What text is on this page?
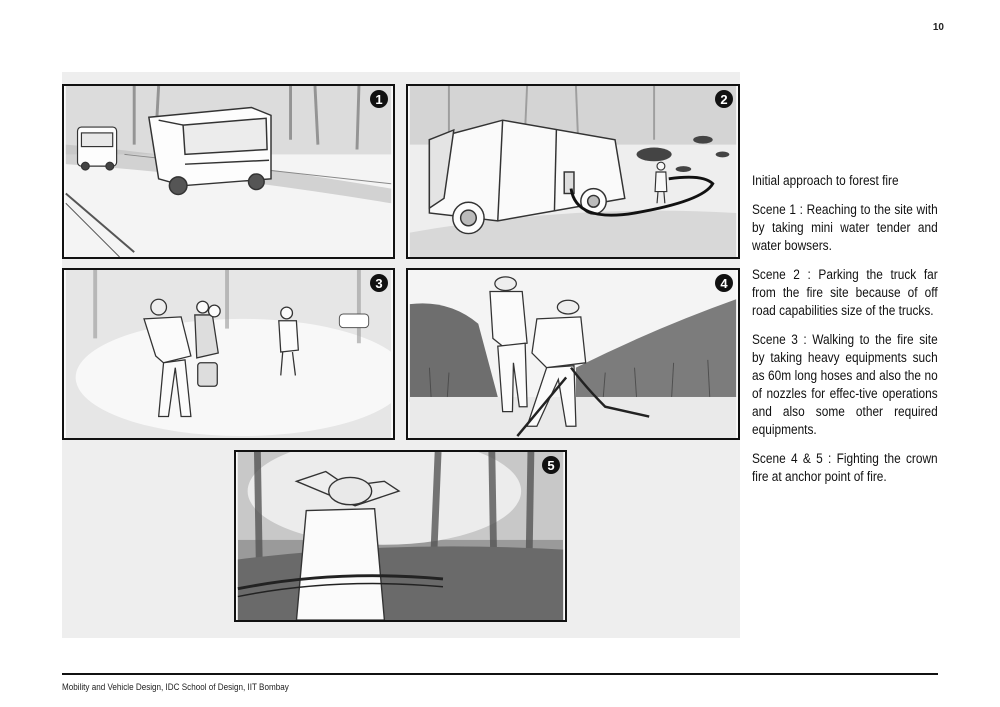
10
1	2
3	4
5

Initial approach to forest fire

Scene 1 : Reaching to the site with by taking mini water tender and water bowsers.

Scene 2 : Parking the truck far from the fire site because of off road capabilities size of the trucks.

Scene 3 : Walking to the fire site by taking heavy equipments such as 60m long hoses and also the no of nozzles for effec-tive operations and also some other required equipments.

Scene 4 & 5 : Fighting the crown fire at anchor point of fire.

Mobility and Vehicle Design, IDC School of Design, IIT Bombay
